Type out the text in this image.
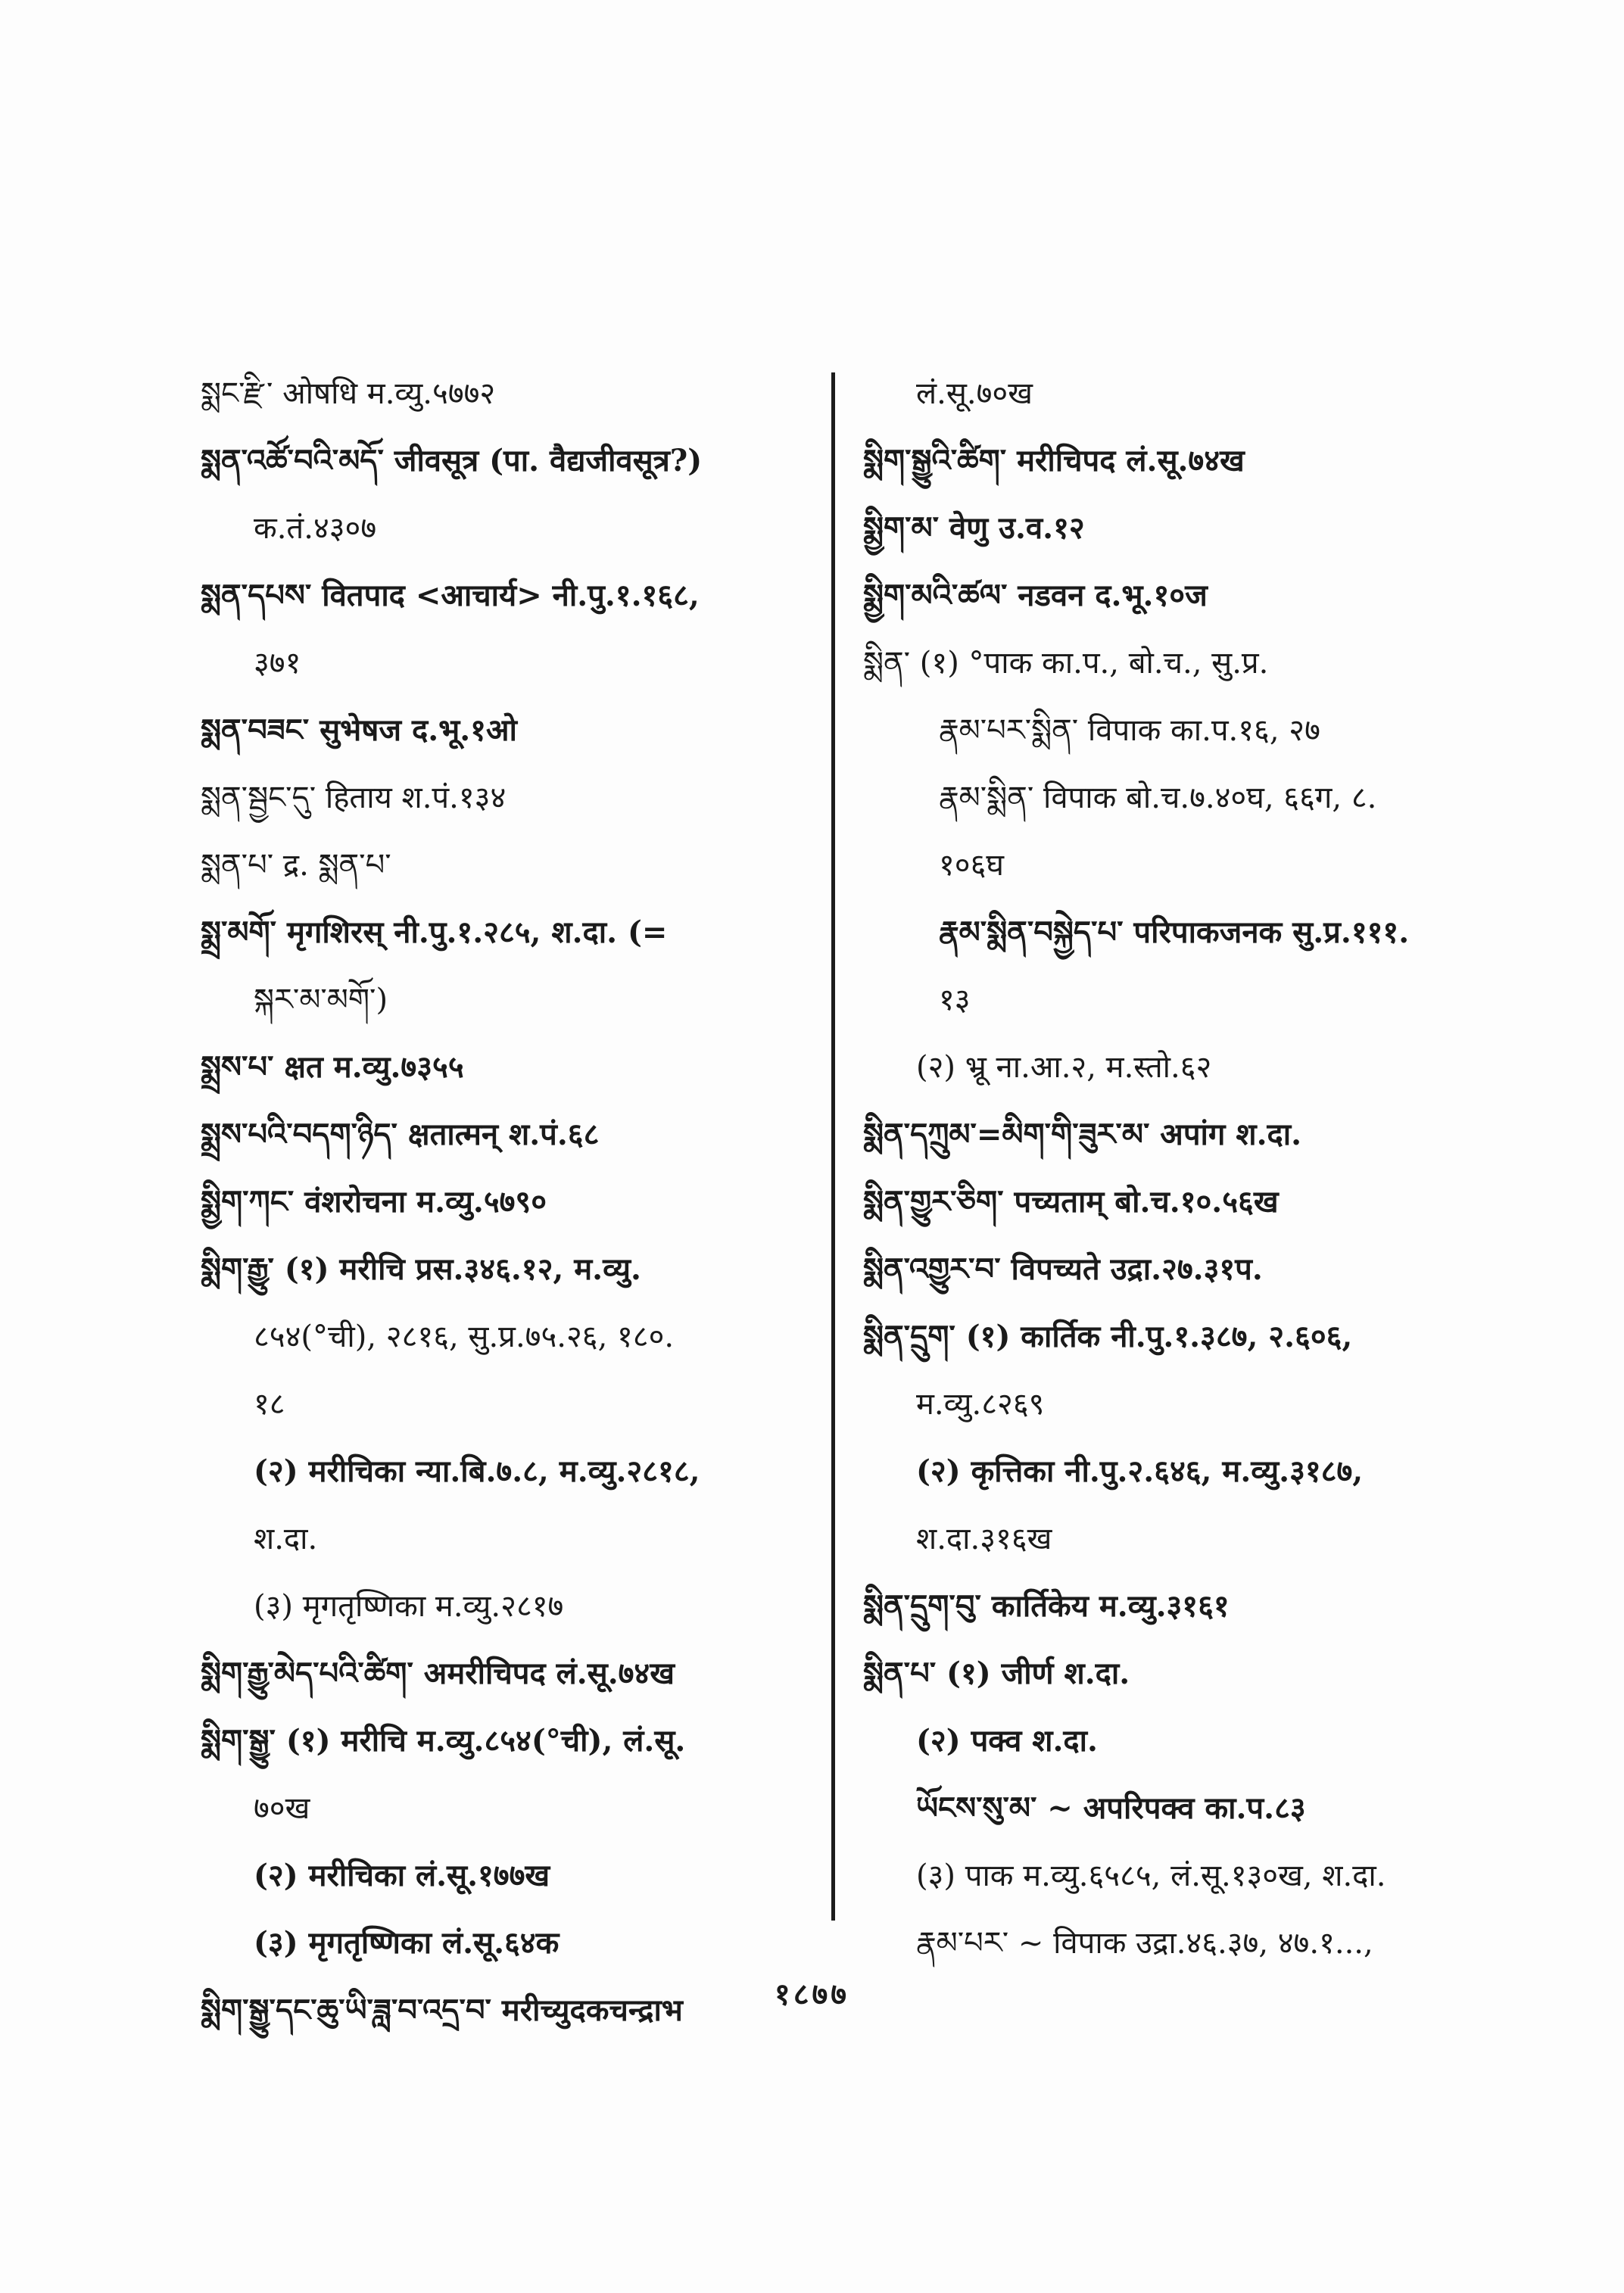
སྨང་རྫི་ ओषधि म.व्यु.५७७२
སྨན་འཚོ་བའི་མདོ་ जीवसूत्र (पा. वैद्यजीवसूत्र?)
क.तं.४३०७
སྨན་དཔས་ वितपाद <आचार्य> नी.पु.१.१६८,
३७१
སྨན་བཟང་ सुभेषज द.भू.१ओ
སྨན་སྦྱང་དུ་ हिताय श.पं.१३४
སྨན་པ་ द्र. སྨན་པ་
སྨྲ་མགོ་ मृगशिरस् नी.पु.१.२८५, श.दा. (=
སྐར་མ་མགོ་)
སྨྲས་པ་ क्षत म.व्यु.७३५५
སྨྲས་པའི་བདག་ཉིད་ क्षतात्मन् श.पं.६८
སྨྱིག་ཀང་ वंशरोचना म.व्यु.५७९०
སྨིག་རྒྱུ་ (१) मरीचि प्रस.३४६.१२, म.व्यु.
८५४(°ची), २८१६, सु.प्र.७५.२६, १८०.
१८
(२) मरीचिका न्या.बि.७.८, म.व्यु.२८१८,
श.दा.
(३) मृगतृष्णिका म.व्यु.२८१७
སྨིག་རྒྱུ་མེད་པའི་ཚིག་ अमरीचिपद लं.सू.७४ख
སྨིག་སྒྱུ་ (१) मरीचि म.व्यु.८५४(°ची), लं.सू.
७०ख
(२) मरीचिका लं.सू.१७७ख
(३) मृगतृष्णिका लं.सू.६४क
སྨིག་སྒྱུ་དང་ཆུ་ཡི་ཟླ་བ་འདྲ་བ་ मरीच्युदकचन्द्राभ
लं.सू.७०ख
སྨིག་སྒྱུའི་ཚིག་ मरीचिपद लं.सू.७४ख
སྨྱིག་མ་ वेणु उ.व.१२
སྨྱིག་མའི་ཚལ་ नडवन द.भू.१०ज
སྨིན་ (१) °पाक का.प., बो.च., सु.प्र.
རྣམ་པར་སྨིན་ विपाक का.प.१६, २७
རྣམ་སྨིན་ विपाक बो.च.७.४०घ, ६६ग, ८.
१०६घ
རྣམ་སྨིན་བསྐྱེད་པ་ परिपाकजनक सु.प्र.१११.
१३
(२) भ्रू ना.आ.२, म.स्तो.६२
སྨིན་དཀྲུམ་=མིག་གི་ཟུར་མ་ अपांग श.दा.
སྨིན་གྱུར་ཅིག་ पच्यताम् बो.च.१०.५६ख
སྨིན་འགྱུར་བ་ विपच्यते उद्रा.२७.३१प.
སྨིན་དྲུག་ (१) कार्तिक नी.पु.१.३८७, २.६०६,
म.व्यु.८२६९
(२) कृत्तिका नी.पु.२.६४६, म.व्यु.३१८७,
श.दा.३१६ख
སྨིན་དྲུག་བུ་ कार्तिकेय म.व्यु.३१६१
སྨིན་པ་ (१) जीर्ण श.दा.
(२) पक्व श.दा.
ཡོངས་སུ་མ་ ~ अपरिपक्व का.प.८३
(३) पाक म.व्यु.६५८५, लं.सू.१३०ख, श.दा.
རྣམ་པར་ ~ विपाक उद्रा.४६.३७, ४७.१...,
१८७७
